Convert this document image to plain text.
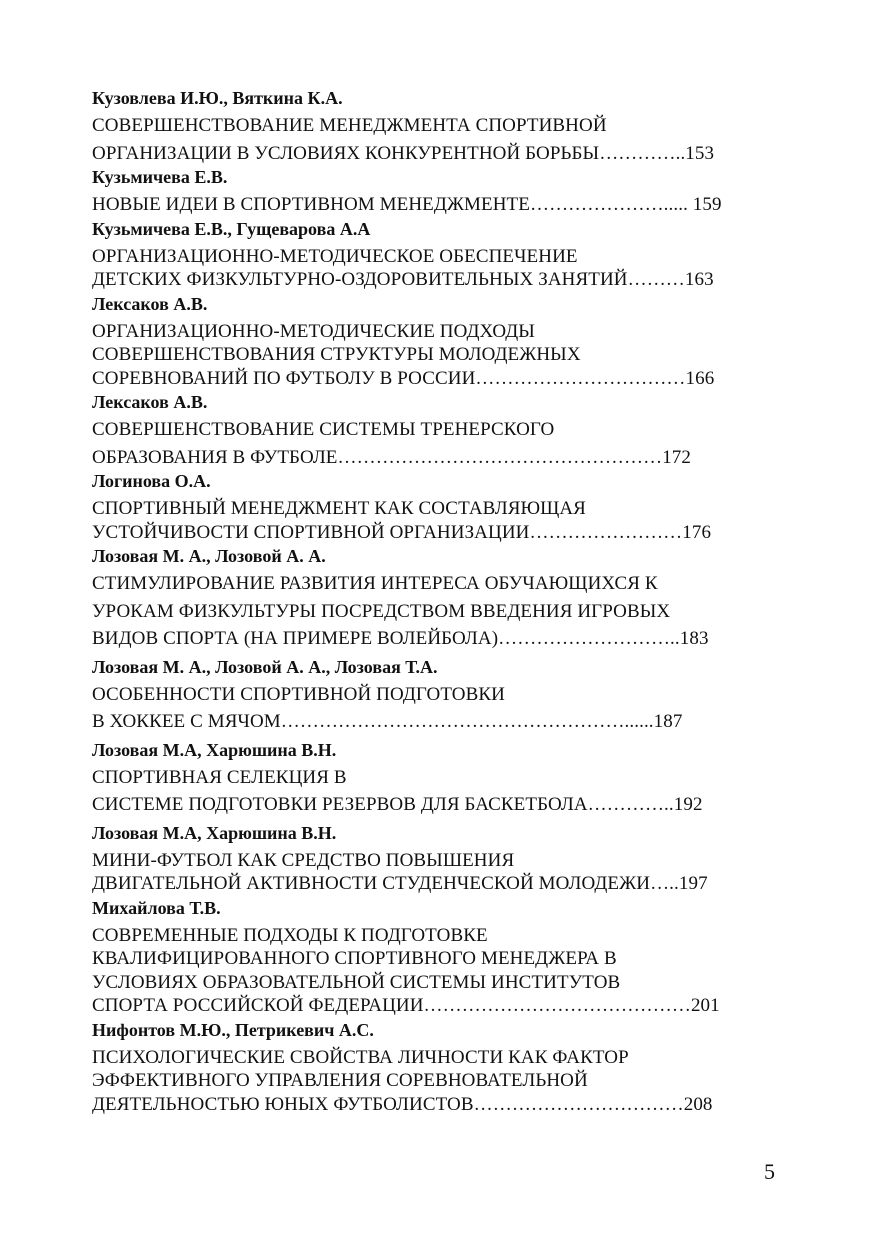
Кузовлева И.Ю., Вяткина К.А.
СОВЕРШЕНСТВОВАНИЕ МЕНЕДЖМЕНТА СПОРТИВНОЙ
ОРГАНИЗАЦИИ В УСЛОВИЯХ КОНКУРЕНТНОЙ БОРЬБЫ…………..153
Кузьмичева Е.В.
НОВЫЕ ИДЕИ В СПОРТИВНОМ МЕНЕДЖМЕНТЕ…………………..... 159
Кузьмичева Е.В., Гущеварова А.А
ОРГАНИЗАЦИОННО-МЕТОДИЧЕСКОЕ ОБЕСПЕЧЕНИЕ
ДЕТСКИХ ФИЗКУЛЬТУРНО-ОЗДОРОВИТЕЛЬНЫХ ЗАНЯТИЙ………163
Лексаков А.В.
ОРГАНИЗАЦИОННО-МЕТОДИЧЕСКИЕ ПОДХОДЫ
СОВЕРШЕНСТВОВАНИЯ СТРУКТУРЫ МОЛОДЕЖНЫХ
СОРЕВНОВАНИЙ ПО ФУТБОЛУ В РОССИИ……………………………166
Лексаков А.В.
СОВЕРШЕНСТВОВАНИЕ СИСТЕМЫ ТРЕНЕРСКОГО
ОБРАЗОВАНИЯ В ФУТБОЛЕ……………………………………………172
Логинова О.А.
СПОРТИВНЫЙ МЕНЕДЖМЕНТ КАК СОСТАВЛЯЮЩАЯ
УСТОЙЧИВОСТИ СПОРТИВНОЙ ОРГАНИЗАЦИИ……………………176
Лозовая М. А., Лозовой А. А.
СТИМУЛИРОВАНИЕ РАЗВИТИЯ ИНТЕРЕСА ОБУЧАЮЩИХСЯ К
УРОКАМ ФИЗКУЛЬТУРЫ ПОСРЕДСТВОМ ВВЕДЕНИЯ ИГРОВЫХ
ВИДОВ СПОРТА (НА ПРИМЕРЕ ВОЛЕЙБОЛА)………………………..183
Лозовая М. А., Лозовой А. А., Лозовая Т.А.
ОСОБЕННОСТИ СПОРТИВНОЙ ПОДГОТОВКИ
В ХОККЕЕ С МЯЧОМ………………………………………………......187
Лозовая М.А, Харюшина В.Н.
СПОРТИВНАЯ СЕЛЕКЦИЯ В
СИСТЕМЕ ПОДГОТОВКИ РЕЗЕРВОВ ДЛЯ БАСКЕТБОЛА…………..192
Лозовая М.А, Харюшина В.Н.
МИНИ-ФУТБОЛ КАК СРЕДСТВО ПОВЫШЕНИЯ
ДВИГАТЕЛЬНОЙ АКТИВНОСТИ СТУДЕНЧЕСКОЙ МОЛОДЕЖИ…..197
Михайлова Т.В.
СОВРЕМЕННЫЕ ПОДХОДЫ К ПОДГОТОВКЕ
КВАЛИФИЦИРОВАННОГО СПОРТИВНОГО МЕНЕДЖЕРА В
УСЛОВИЯХ ОБРАЗОВАТЕЛЬНОЙ СИСТЕМЫ ИНСТИТУТОВ
СПОРТА РОССИЙСКОЙ ФЕДЕРАЦИИ……………………………………201
Нифонтов М.Ю., Петрикевич А.С.
ПСИХОЛОГИЧЕСКИЕ СВОЙСТВА ЛИЧНОСТИ КАК ФАКТОР
ЭФФЕКТИВНОГО УПРАВЛЕНИЯ СОРЕВНОВАТЕЛЬНОЙ
ДЕЯТЕЛЬНОСТЬЮ ЮНЫХ ФУТБОЛИСТОВ……………………………208
5
